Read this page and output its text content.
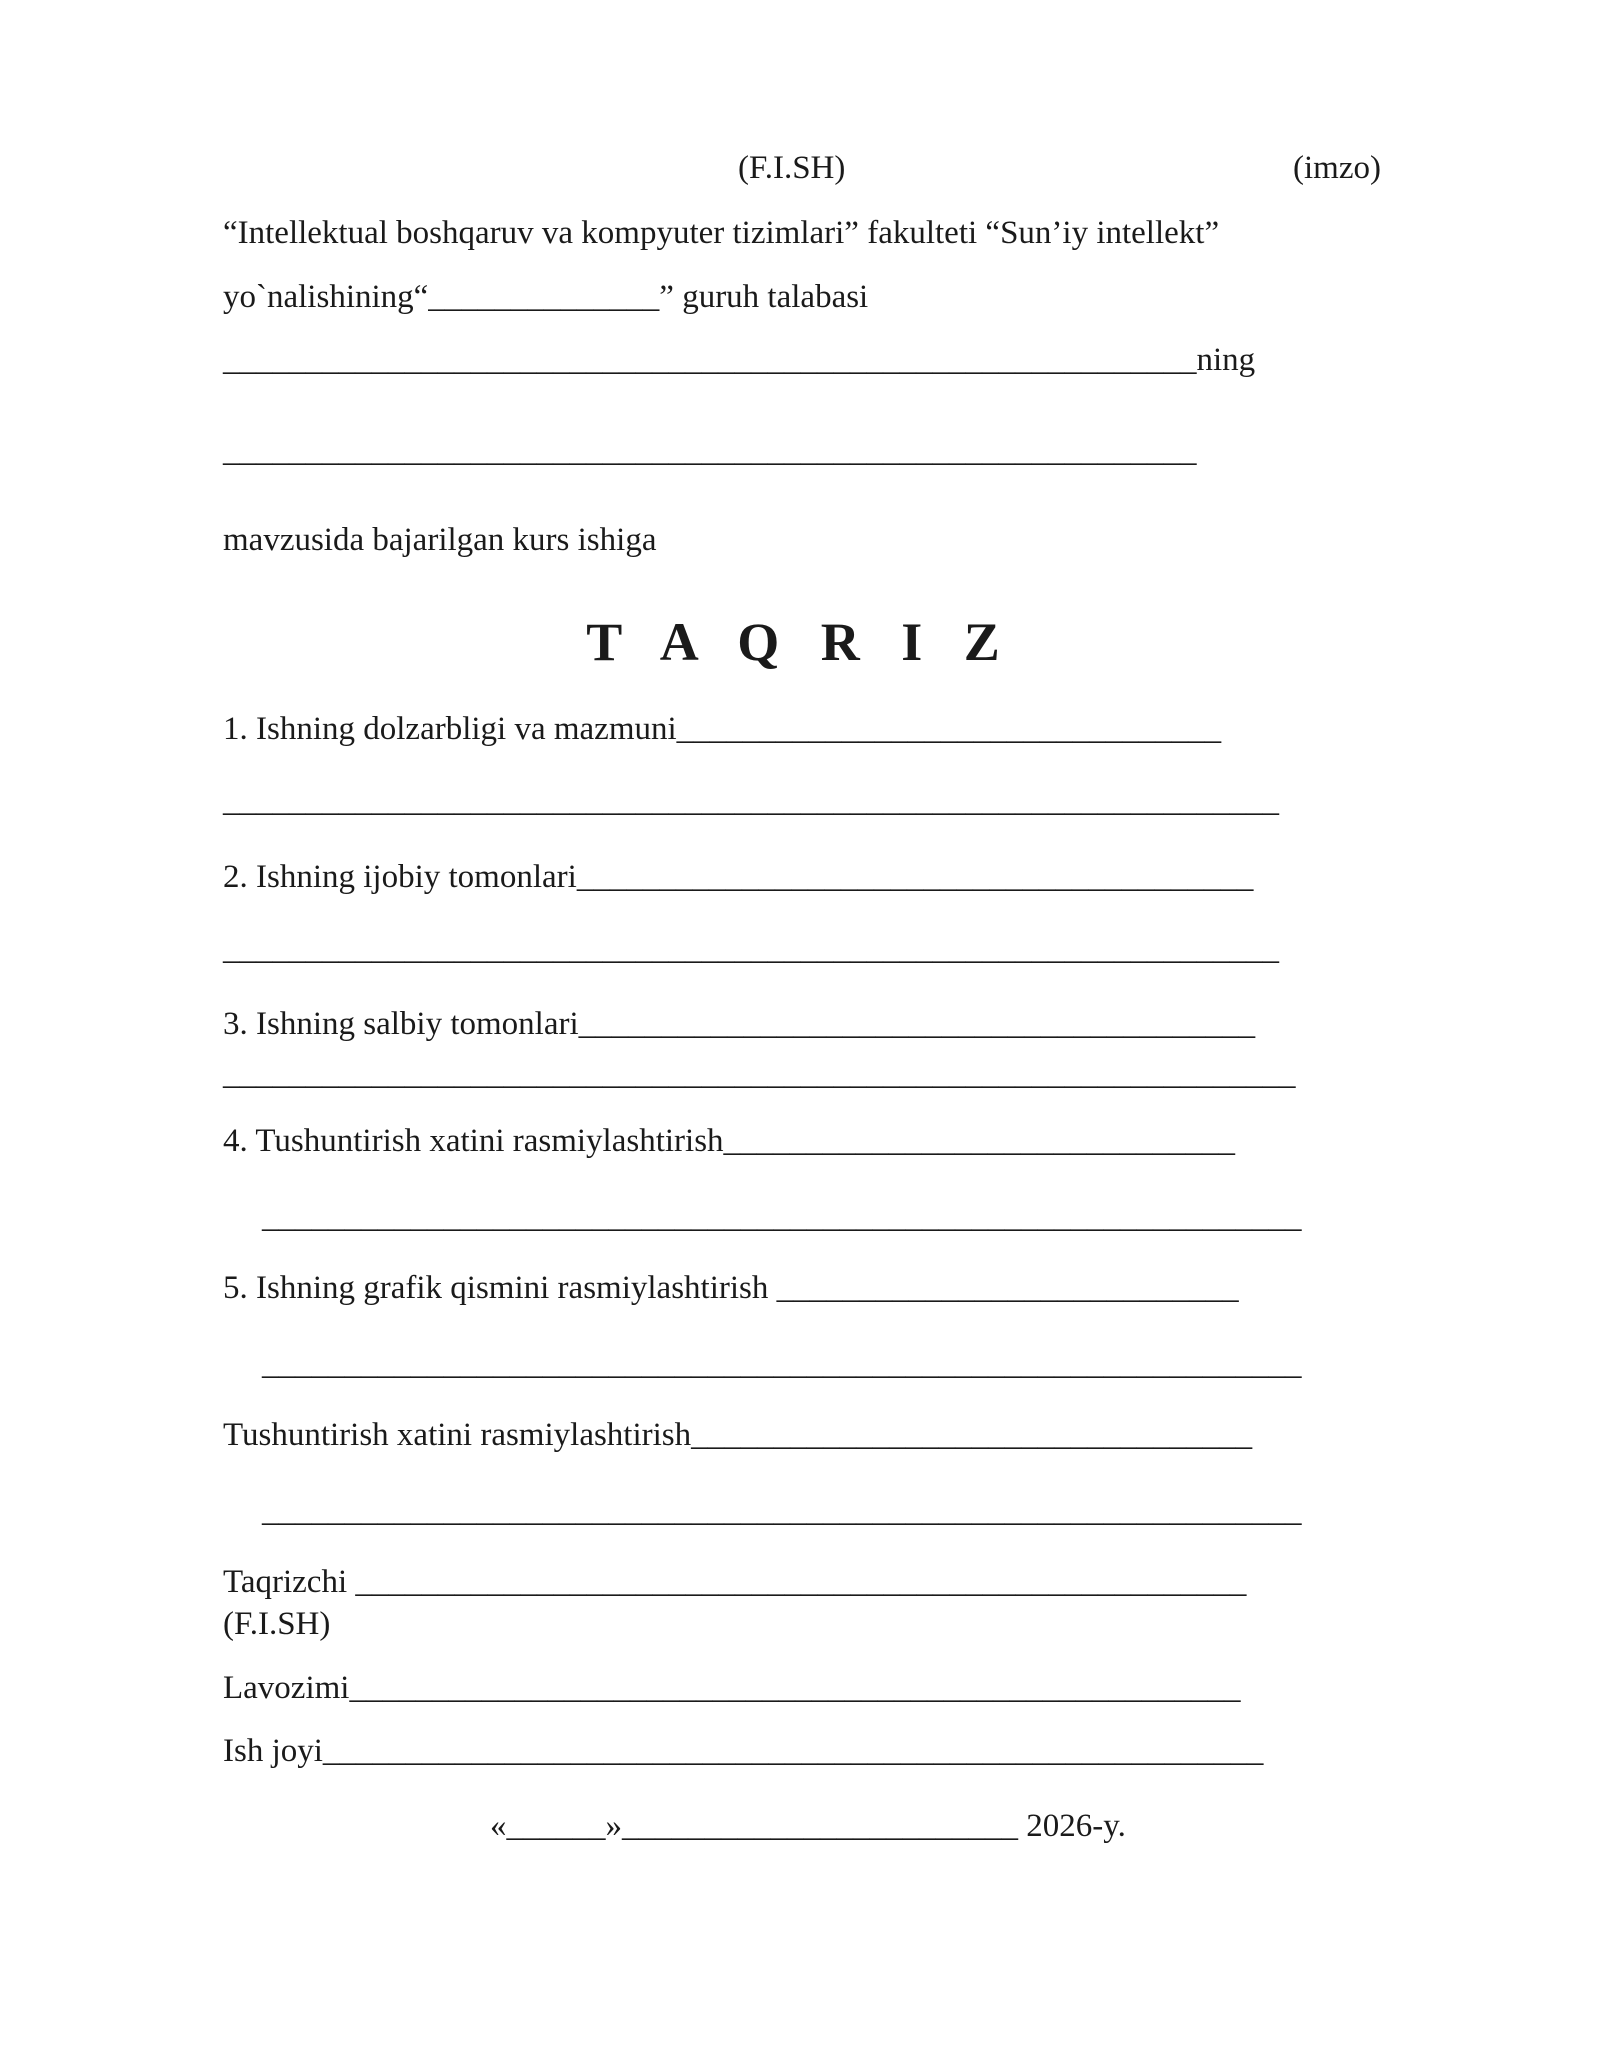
(F.I.SH)	(imzo)
“Intellektual boshqaruv va kompyuter tizimlari” fakulteti “Sun’iy intellekt”
yo`nalishining“______________” guruh talabasi
___________________________________________________________ning
___________________________________________________________
mavzusida bajarilgan kurs ishiga
T A Q R I Z
1. Ishning dolzarbligi va mazmuni_________________________________
________________________________________________________________
2. Ishning ijobiy tomonlari_________________________________________
________________________________________________________________
3. Ishning salbiy tomonlari_________________________________________
_________________________________________________________________
4. Tushuntirish xatini rasmiylashtirish_______________________________
_______________________________________________________________
5. Ishning grafik qismini rasmiylashtirish ____________________________
_______________________________________________________________
Tushuntirish xatini rasmiylashtirish__________________________________
_______________________________________________________________
Taqrizchi ______________________________________________________
(F.I.SH)
Lavozimi______________________________________________________
Ish joyi_________________________________________________________
«______»________________________ 2026-y.
